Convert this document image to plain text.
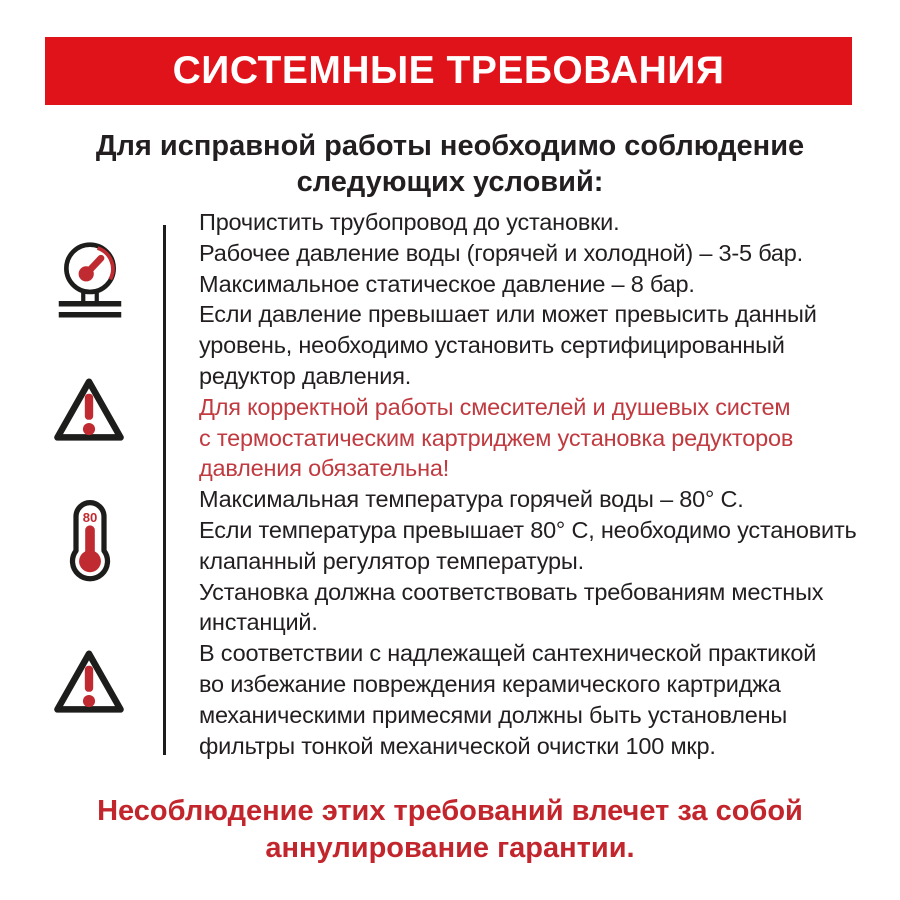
СИСТЕМНЫЕ ТРЕБОВАНИЯ
Для исправной работы необходимо соблюдение
следующих условий:
80

Прочистить трубопровод до установки.

Рабочее давление воды (горячей и холодной) – 3-5 бар.

Максимальное статическое давление – 8 бар.

Если давление превышает или может превысить данный

уровень, необходимо установить сертифицированный

редуктор давления.

Для корректной работы смесителей и душевых систем

с термостатическим картриджем установка редукторов

давления обязательна!

Максимальная температура горячей воды – 80° С.

Если температура превышает 80° С, необходимо установить

клапанный регулятор температуры.

Установка должна соответствовать требованиям местных

инстанций.

В соответствии с надлежащей сантехнической практикой

во избежание повреждения керамического картриджа

механическими примесями должны быть установлены

фильтры тонкой механической очистки 100 мкр.

Несоблюдение этих требований влечет за собой
аннулирование гарантии.
